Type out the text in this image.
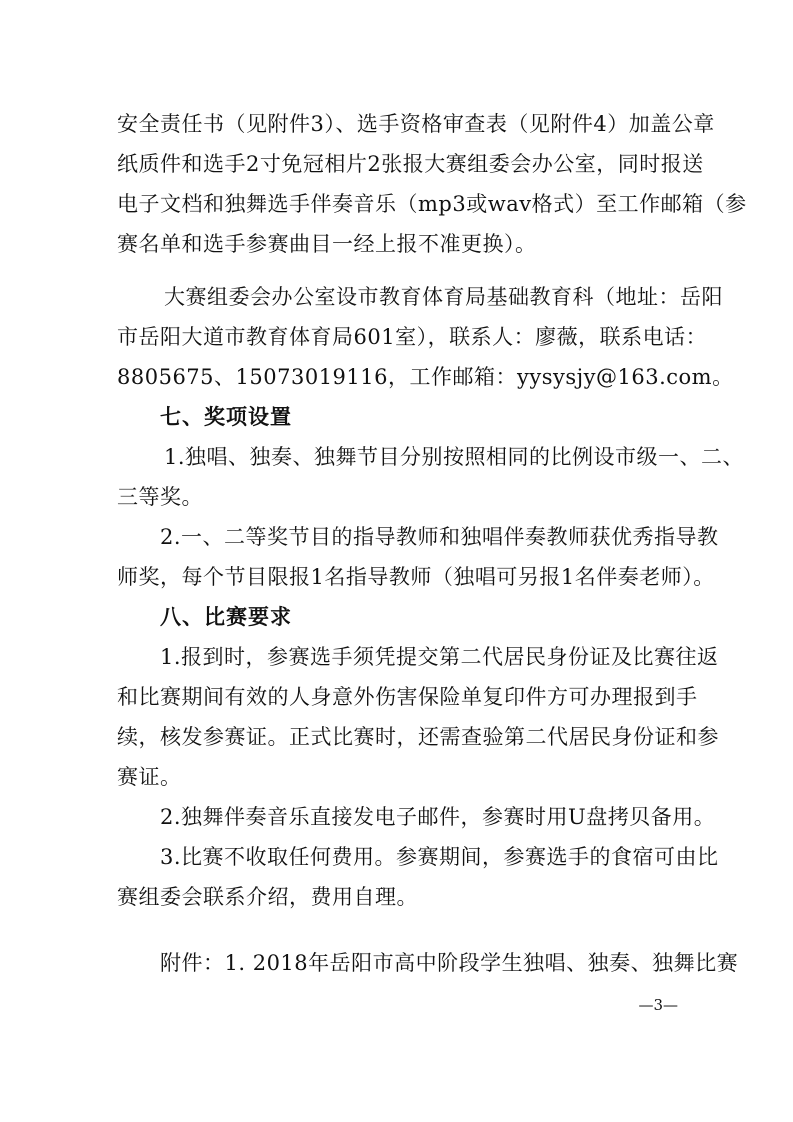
安全责任书（见附件3）、选手资格审查表（见附件4）加盖公章
纸质件和选手2寸免冠相片2张报大赛组委会办公室，同时报送
电子文档和独舞选手伴奏音乐（mp3或wav格式）至工作邮箱（参
赛名单和选手参赛曲目一经上报不准更换）。
大赛组委会办公室设市教育体育局基础教育科（地址：岳阳
市岳阳大道市教育体育局601室），联系人：廖薇，联系电话：
8805675、15073019116，工作邮箱：yysysjy@163.com。
七、奖项设置
1.独唱、独奏、独舞节目分别按照相同的比例设市级一、二、
三等奖。
2.一、二等奖节目的指导教师和独唱伴奏教师获优秀指导教
师奖，每个节目限报1名指导教师（独唱可另报1名伴奏老师）。
八、比赛要求
1.报到时，参赛选手须凭提交第二代居民身份证及比赛往返
和比赛期间有效的人身意外伤害保险单复印件方可办理报到手
续，核发参赛证。正式比赛时，还需查验第二代居民身份证和参
赛证。
2.独舞伴奏音乐直接发电子邮件，参赛时用U盘拷贝备用。
3.比赛不收取任何费用。参赛期间，参赛选手的食宿可由比
赛组委会联系介绍，费用自理。
附件：1. 2018年岳阳市高中阶段学生独唱、独奏、独舞比赛
—3—
